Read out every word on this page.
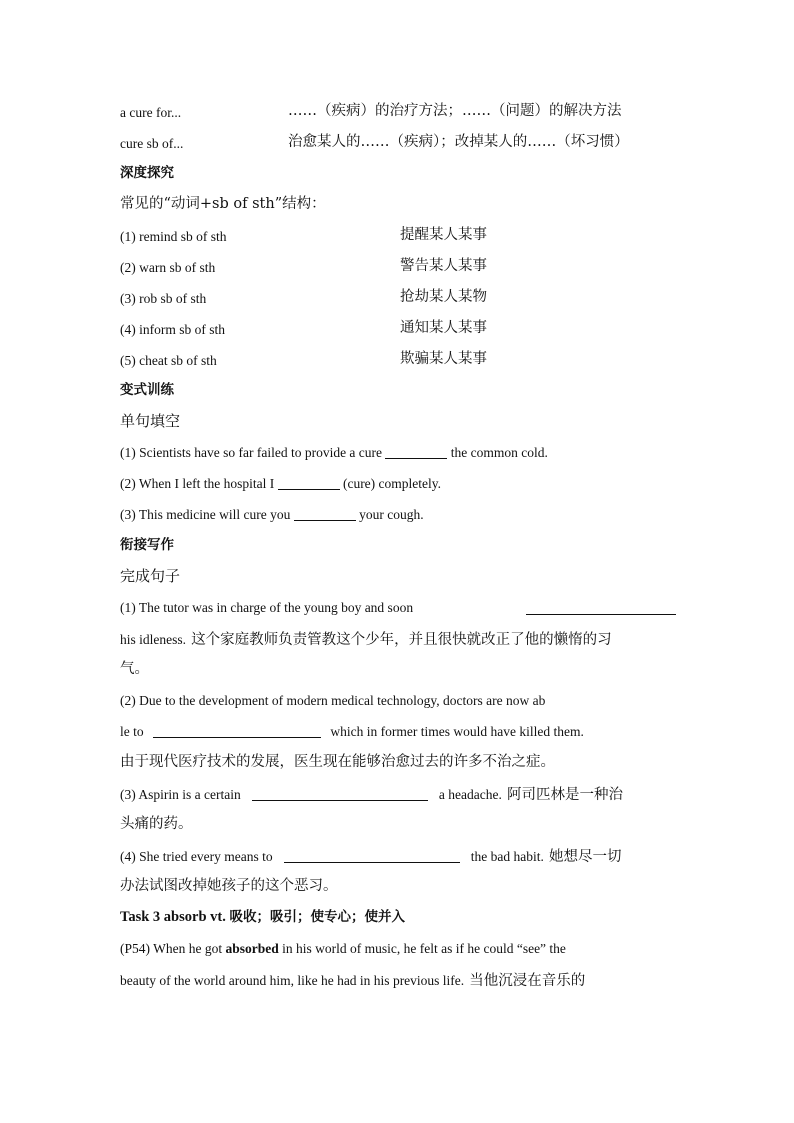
a cure for...	……（疾病）的治疗方法；……（问题）的解决方法
cure sb of...	治愈某人的……（疾病）；改掉某人的……（坏习惯）
深度探究
常见的“动词+sb of sth”结构：
(1) remind sb of sth	提醒某人某事
(2) warn sb of sth	警告某人某事
(3) rob sb of sth	抢劫某人某物
(4) inform sb of sth	通知某人某事
(5) cheat sb of sth	欺骗某人某事
变式训练
单句填空
(1) Scientists have so far failed to provide a cure	the common cold.
(2) When I left the hospital I	(cure) completely.
(3) This medicine will cure you	your cough.
衔接写作
完成句子
(1) The tutor was in charge of the young boy and soon
his idleness. 这个家庭教师负责管教这个少年，并且很快就改正了他的懒惰的习
气。
(2) Due to the development of modern medical technology, doctors are now ab
le to	which in former times would have killed them.
由于现代医疗技术的发展，医生现在能够治愈过去的许多不治之症。
(3) Aspirin is a certain	a headache. 阿司匹林是一种治
头痛的药。
(4) She tried every means to	the bad habit. 她想尽一切
办法试图改掉她孩子的这个恶习。
Task 3 absorb vt. 吸收；吸引；使专心；使并入
(P54) When he got absorbed in his world of music, he felt as if he could “see” the
beauty of the world around him, like he had in his previous life. 当他沉浸在音乐的
